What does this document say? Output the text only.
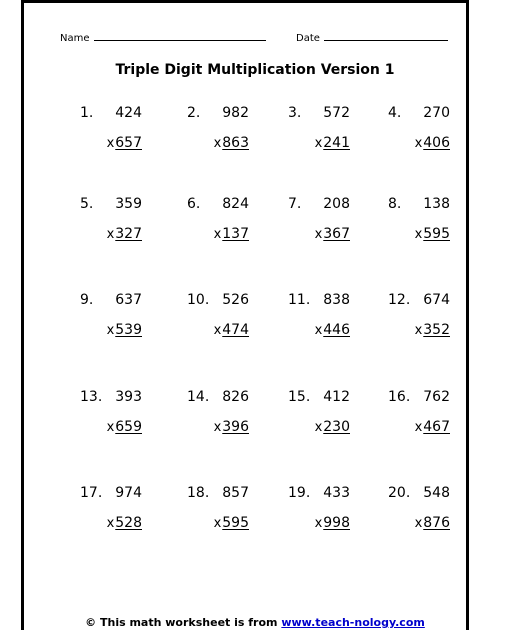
Name	Date
Triple Digit Multiplication Version 1
1. 424
x657
2. 982
x863
3. 572
x241
4. 270
x406
5. 359
x327
6. 824
x137
7. 208
x367
8. 138
x595
9. 637
x539
10. 526
x474
11. 838
x446
12. 674
x352
13. 393
x659
14. 826
x396
15. 412
x230
16. 762
x467
17. 974
x528
18. 857
x595
19. 433
x998
20. 548
x876
© This math worksheet is from www.teach-nology.com
